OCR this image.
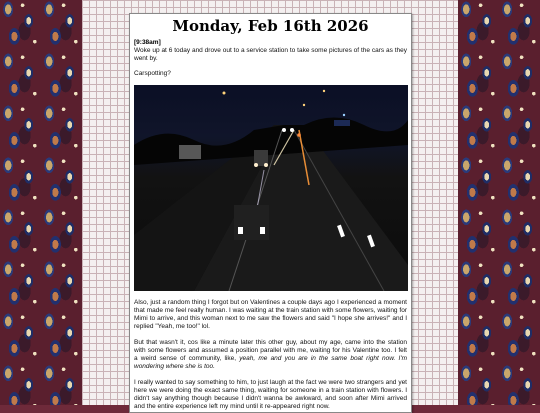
Monday, Feb 16th 2026
[9:38am]

Woke up at 6 today and drove out to a service station to take some pictures of the cars as they went by.

Carspotting?

Also, just a random thing I forgot but on Valentines a couple days ago I experienced a moment that made me feel really human. I was waiting at the train station with some flowers, waiting for Mimi to arrive, and this woman next to me saw the flowers and said "I hope she arrives!" and I replied "Yeah, me too!" lol.

But that wasn't it, cos like a minute later this other guy, about my age, came into the station with some flowers and assumed a position parallel with me, waiting for his Valentine too. I felt a weird sense of community, like, yeah, me and you are in the same boat right now. I'm wondering where she is too.

I really wanted to say something to him, to just laugh at the fact we were two strangers and yet here we were doing the exact same thing, waiting for someone in a train station with flowers. I didn't say anything though because I didn't wanna be awkward, and soon after Mimi arrived and the entire experience left my mind until it re-appeared right now.
